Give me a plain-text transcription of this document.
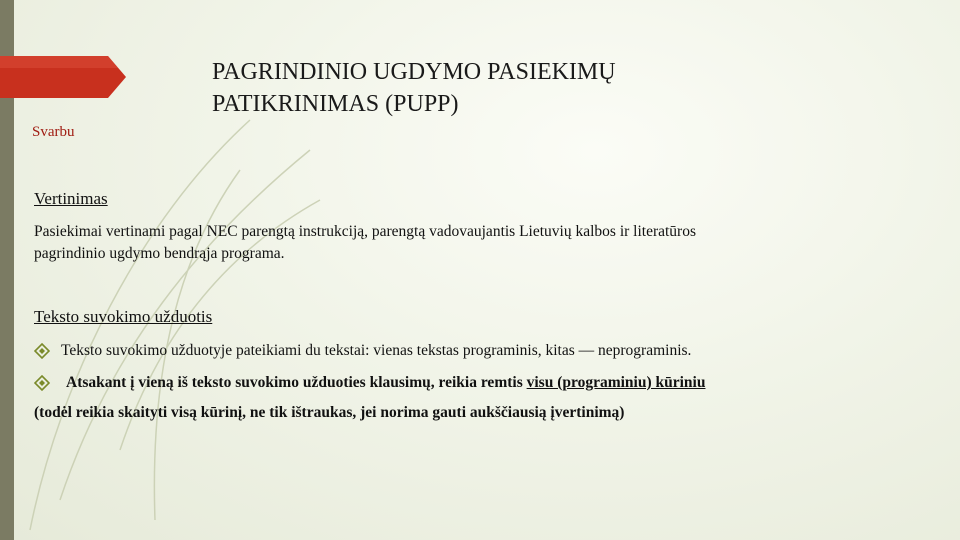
Svarbu
PAGRINDINIO UGDYMO PASIEKIMŲ
PATIKRINIMAS (PUPP)
Vertinimas
Pasiekimai vertinami pagal NEC parengtą instrukciją, parengtą vadovaujantis Lietuvių kalbos ir literatūros
pagrindinio ugdymo bendrąja programa.
Teksto suvokimo užduotis
Teksto suvokimo užduotyje pateikiami du tekstai: vienas tekstas programinis, kitas — neprograminis.
Atsakant į vieną iš teksto suvokimo užduoties klausimų, reikia remtis visu (programiniu) kūriniu
(todėl reikia skaityti visą kūrinį, ne tik ištraukas, jei norima gauti aukščiausią įvertinimą)
